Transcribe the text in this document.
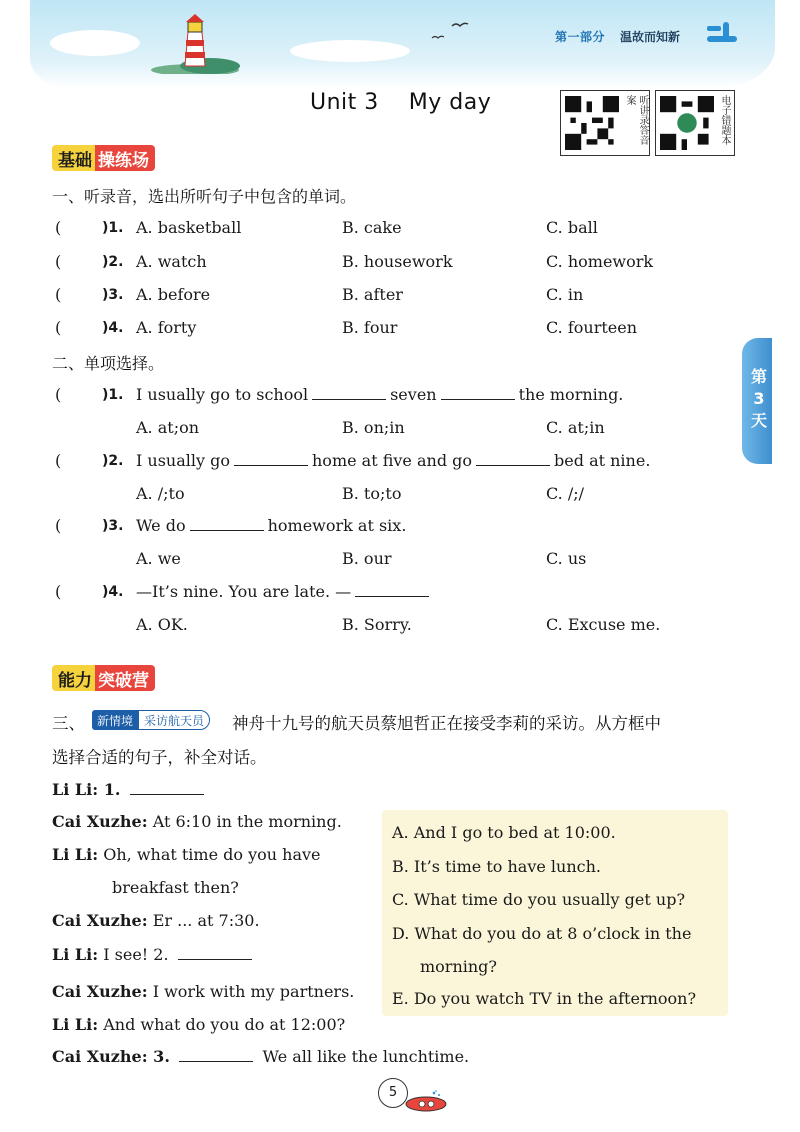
第一部分 温故而知新
Unit 3    My day	听讲录答音案	电子错题本
基础 操练场
一、听录音，选出所听句子中包含的单词。
(	)1. A. basketball	B. cake	C. ball
(	)2. A. watch	B. housework	C. homework
(	)3. A. before	B. after	C. in
(	)4. A. forty	B. four	C. fourteen
二、单项选择。
(	)1. I usually go to school	seven	the morning.
A. at;on	B. on;in	C. at;in
(	)2. I usually go	home at five and go	bed at nine.
A. /;to	B. to;to	C. /;/
(	)3. We do	homework at six.
A. we	B. our	C. us
(	)4. —It’s nine. You are late. —
A. OK.	B. Sorry.	C. Excuse me.
第3天
能力 突破营
三、	新情境 采访航天员	神舟十九号的航天员蔡旭哲正在接受李莉的采访。从方框中
选择合适的句子，补全对话。
Li Li: 1.
Cai Xuzhe: At 6:10 in the morning.
Li Li: Oh, what time do you have
breakfast then?
Cai Xuzhe: Er ... at 7:30.
Li Li: I see! 2.
Cai Xuzhe: I work with my partners.
Li Li: And what do you do at 12:00?
Cai Xuzhe: 3.	We all like the lunchtime.
A. And I go to bed at 10:00.
B. It’s time to have lunch.
C. What time do you usually get up?
D. What do you do at 8 o’clock in the
morning?
E. Do you watch TV in the afternoon?
5
